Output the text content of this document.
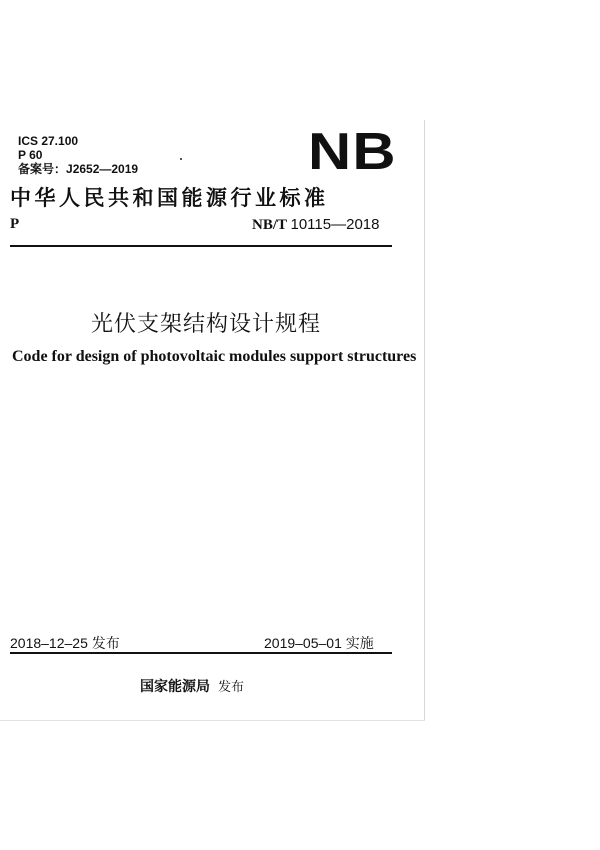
ICS 27.100
P 60
备案号：J2652—2019	NB
中华人民共和国能源行业标准
P	NB/T 10115—2018
光伏支架结构设计规程
Code for design of photovoltaic modules support structures
2018–12–25 发布	2019–05–01 实施
国家能源局 发布
